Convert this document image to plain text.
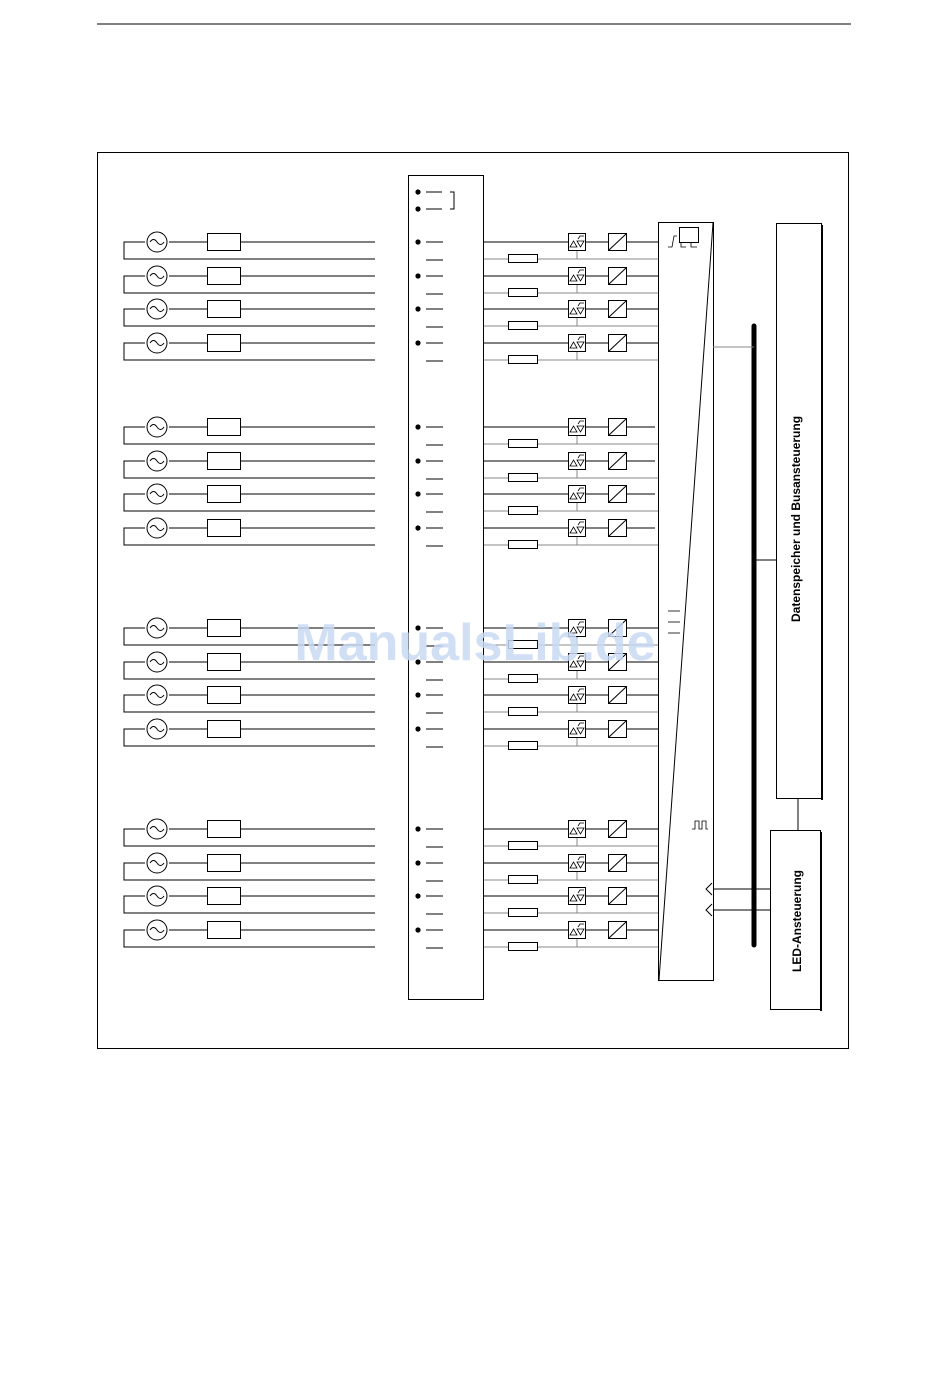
Datenspeicher und Busansteuerung
LED-Ansteuerung
ManualsLib.de
